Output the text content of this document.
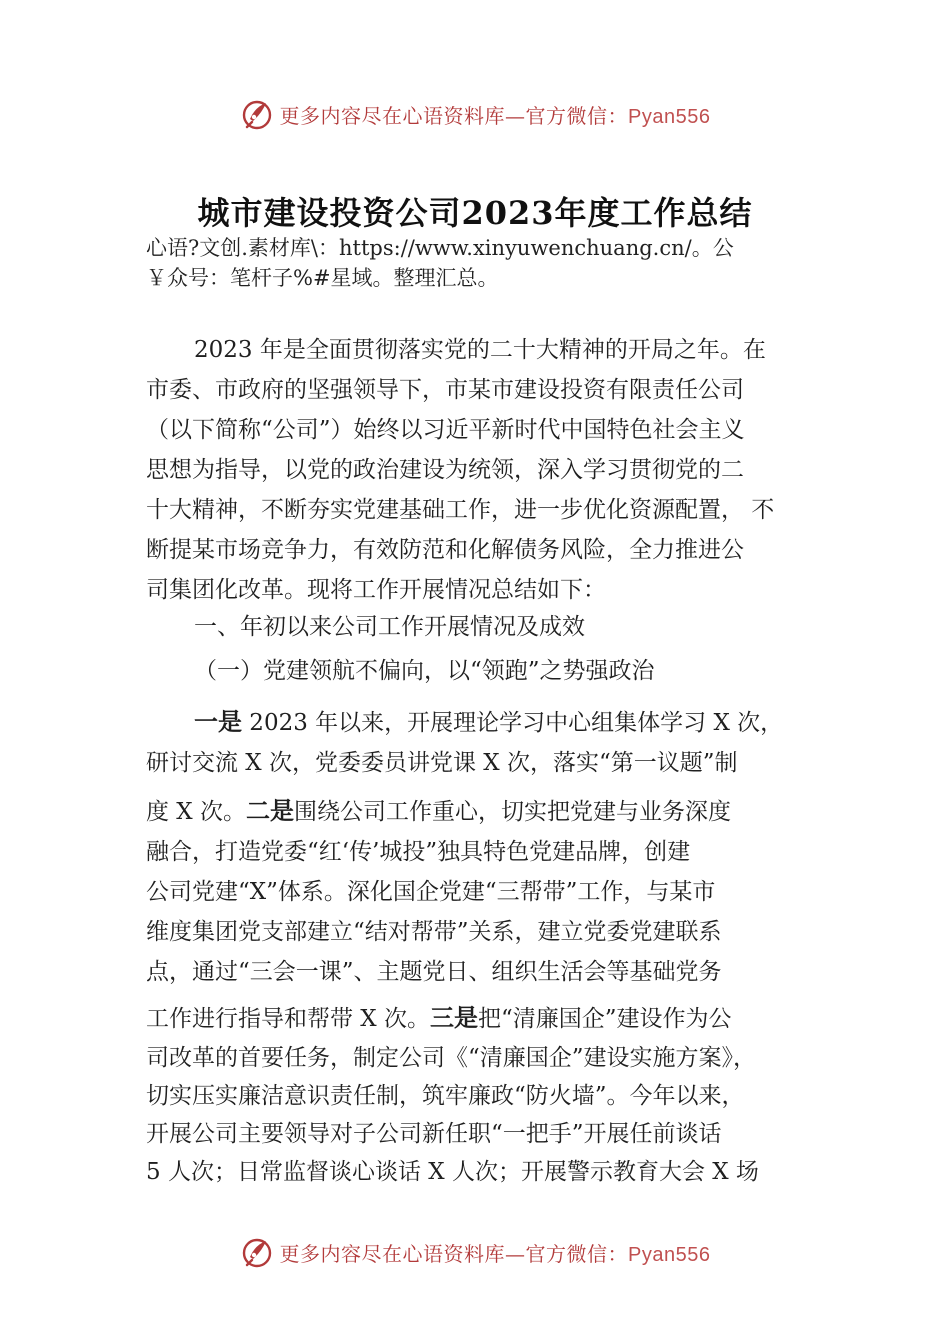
更多内容尽在心语资料库—官方微信：Pyan556
城市建设投资公司2023年度工作总结
心语?文创.素材库\：https://www.xinyuwenchuang.cn/。公
￥众号：笔杆子%#星域。整理汇总。
2023 年是全面贯彻落实党的二十大精神的开局之年。在
市委、市政府的坚强领导下，市某市建设投资有限责任公司
（以下简称“公司”）始终以习近平新时代中国特色社会主义
思想为指导，以党的政治建设为统领，深入学习贯彻党的二
十大精神，不断夯实党建基础工作，进一步优化资源配置， 不
断提某市场竞争力，有效防范和化解债务风险，全力推进公
司集团化改革。现将工作开展情况总结如下：
一、年初以来公司工作开展情况及成效
（一）党建领航不偏向，以“领跑”之势强政治
一是 2023 年以来，开展理论学习中心组集体学习 X 次，
研讨交流 X 次，党委委员讲党课 X 次，落实“第一议题”制
度 X 次。二是围绕公司工作重心，切实把党建与业务深度
融合，打造党委“红‘传’城投”独具特色党建品牌，创建
公司党建“X”体系。深化国企党建“三帮带”工作，与某市
维度集团党支部建立“结对帮带”关系，建立党委党建联系
点，通过“三会一课”、主题党日、组织生活会等基础党务
工作进行指导和帮带 X 次。三是把“清廉国企”建设作为公
司改革的首要任务，制定公司《“清廉国企”建设实施方案》，
切实压实廉洁意识责任制，筑牢廉政“防火墙”。今年以来，
开展公司主要领导对子公司新任职“一把手”开展任前谈话
5 人次；日常监督谈心谈话 X 人次；开展警示教育大会 X 场
更多内容尽在心语资料库—官方微信：Pyan556
